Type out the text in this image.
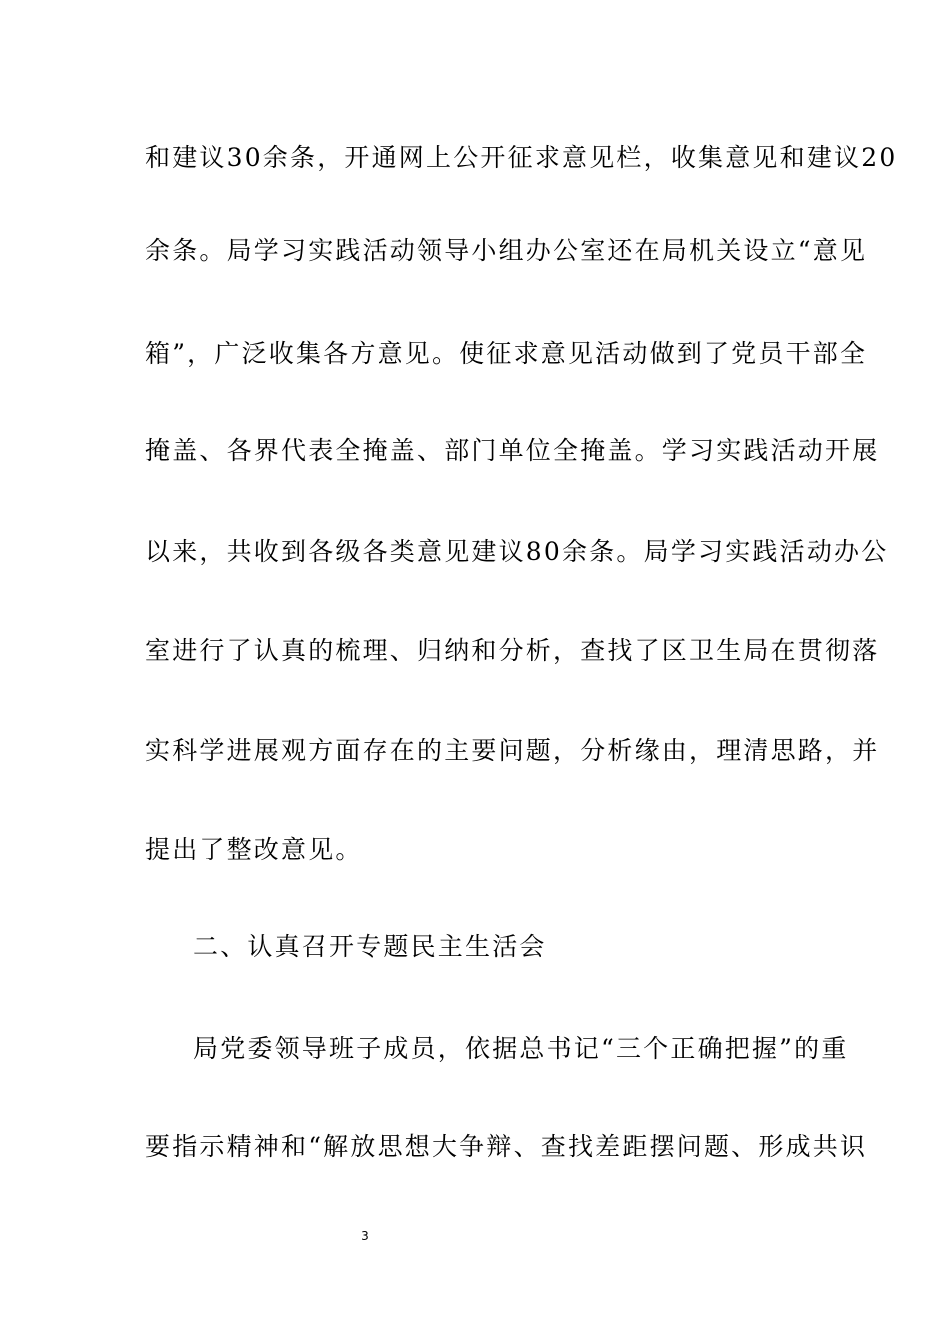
和建议30余条，开通网上公开征求意见栏，收集意见和建议20
余条。局学习实践活动领导小组办公室还在局机关设立“意见
箱”，广泛收集各方意见。使征求意见活动做到了党员干部全
掩盖、各界代表全掩盖、部门单位全掩盖。学习实践活动开展
以来，共收到各级各类意见建议80余条。局学习实践活动办公
室进行了认真的梳理、归纳和分析，查找了区卫生局在贯彻落
实科学进展观方面存在的主要问题，分析缘由，理清思路，并
提出了整改意见。
二、认真召开专题民主生活会
局党委领导班子成员，依据总书记“三个正确把握”的重
要指示精神和“解放思想大争辩、查找差距摆问题、形成共识
3
